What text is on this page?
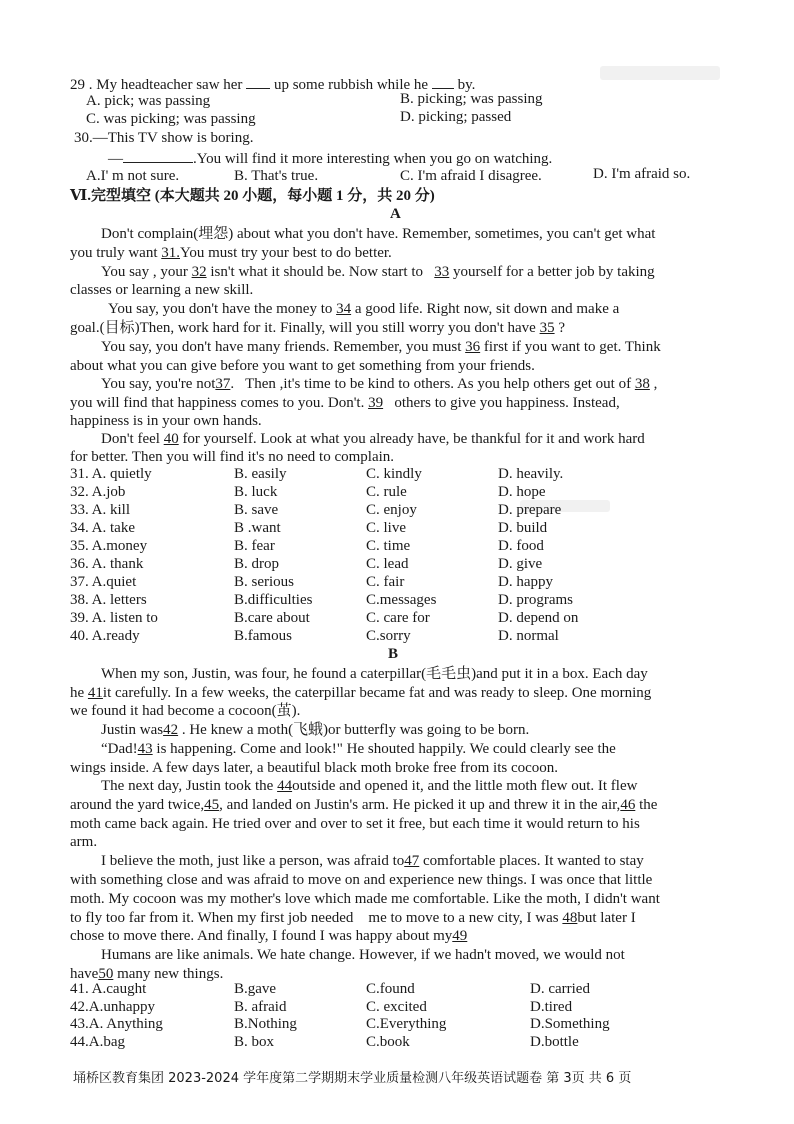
29 . My headteacher saw her up some rubbish while he by.
A. pick; was passing	B. picking; was passing
C. was picking; was passing	D. picking; passed
30.—This TV show is boring.
—	.You will find it more interesting when you go on watching.
A.I' m not sure.	B. That's true.	C. I'm afraid I disagree.	D. I'm afraid so.
Ⅵ.完型填空 (本大题共 20 小题，每小题 1 分，共 20 分)
A
Don't complain(埋怨) about what you don't have. Remember, sometimes, you can't get what
you truly want 31.You must try your best to do better.
You say , your 32 isn't what it should be. Now start to   33 yourself for a better job by taking
classes or learning a new skill.
You say, you don't have the money to 34 a good life. Right now, sit down and make a
goal.(目标)Then, work hard for it. Finally, will you still worry you don't have 35 ?
You say, you don't have many friends. Remember, you must 36 first if you want to get. Think
about what you can give before you want to get something from your friends.
You say, you're not37.   Then ,it's time to be kind to others. As you help others get out of 38 ,
you will find that happiness comes to you. Don't. 39   others to give you happiness. Instead,
happiness is in your own hands.
Don't feel 40 for yourself. Look at what you already have, be thankful for it and work hard
for better. Then you will find it's no need to complain.
31. A. quietly	B. easily	C. kindly	D. heavily.
32. A.job	B. luck	C. rule	D. hope
33. A. kill	B. save	C. enjoy	D. prepare
34. A. take	B .want	C. live	D. build
35. A.money	B. fear	C. time	D. food
36. A. thank	B. drop	C. lead	D. give
37. A.quiet	B. serious	C. fair	D. happy
38. A. letters	B.difficulties	C.messages	D. programs
39. A. listen to	B.care about	C. care for	D. depend on
40. A.ready	B.famous	C.sorry	D. normal
B
When my son, Justin, was four, he found a caterpillar(毛毛虫)and put it in a box. Each day
he 41it carefully. In a few weeks, the caterpillar became fat and was ready to sleep. One morning
we found it had become a cocoon(茧).
Justin was42 . He knew a moth(飞蛾)or butterfly was going to be born.
“Dad!43 is happening. Come and look!" He shouted happily. We could clearly see the
wings inside. A few days later, a beautiful black moth broke free from its cocoon.
The next day, Justin took the 44outside and opened it, and the little moth flew out. It flew
around the yard twice,45, and landed on Justin's arm. He picked it up and threw it in the air,46 the
moth came back again. He tried over and over to set it free, but each time it would return to his
arm.
I believe the moth, just like a person, was afraid to47 comfortable places. It wanted to stay
with something close and was afraid to move on and experience new things. I was once that little
moth. My cocoon was my mother's love which made me comfortable. Like the moth, I didn't want
to fly too far from it. When my first job needed    me to move to a new city, I was 48but later I
chose to move there. And finally, I found I was happy about my49
Humans are like animals. We hate change. However, if we hadn't moved, we would not
have50 many new things.
41. A.caught	B.gave	C.found	D. carried
42.A.unhappy	B. afraid	C. excited	D.tired
43.A. Anything	B.Nothing	C.Everything	D.Something
44.A.bag	B. box	C.book	D.bottle
埇桥区教育集团 2023-2024 学年度第二学期期末学业质量检测八年级英语试题卷 第 3页 共 6 页
